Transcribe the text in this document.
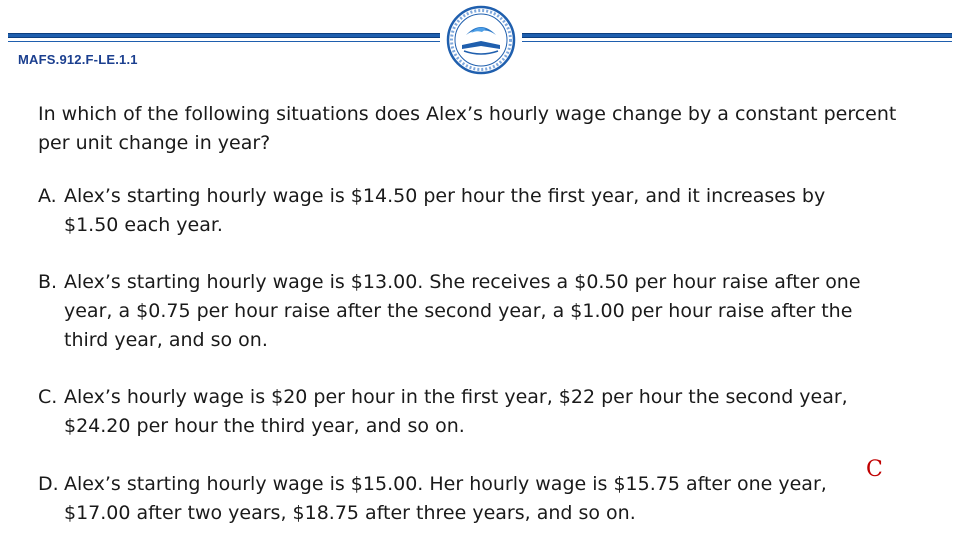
MAFS.912.F-LE.1.1

In which of the following situations does Alex’s hourly wage change by a constant percent per unit change in year?

A. Alex’s starting hourly wage is $14.50 per hour the first year, and it increases by $1.50 each year.
B. Alex’s starting hourly wage is $13.00. She receives a $0.50 per hour raise after one year, a $0.75 per hour raise after the second year, a $1.00 per hour raise after the third year, and so on.
C. Alex’s hourly wage is $20 per hour in the first year, $22 per hour the second year, $24.20 per hour the third year, and so on.
D. Alex’s starting hourly wage is $15.00. Her hourly wage is $15.75 after one year, $17.00 after two years, $18.75 after three years, and so on.
C
